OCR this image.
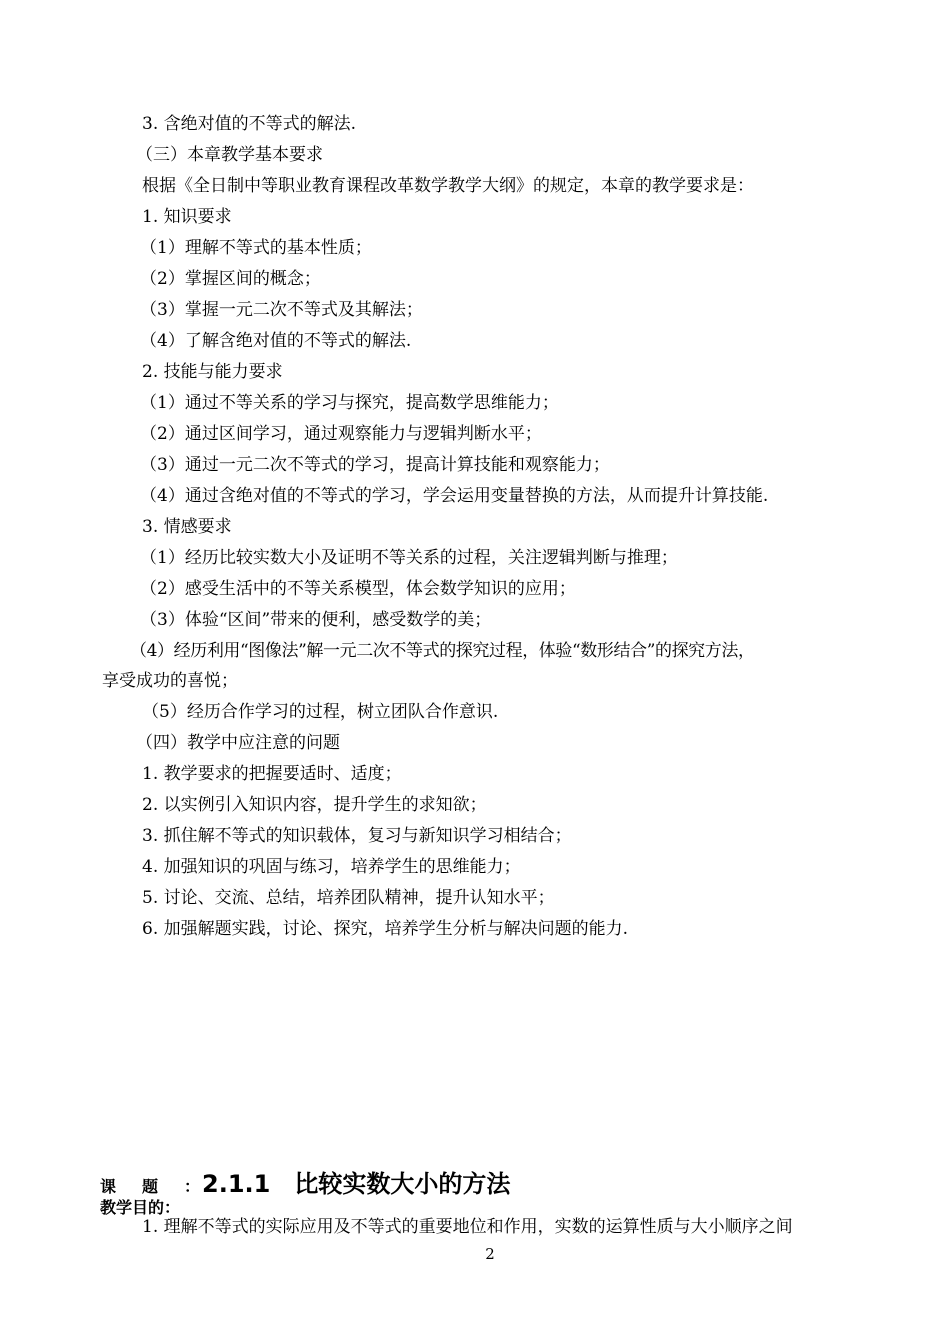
3. 含绝对值的不等式的解法.
（三）本章教学基本要求
根据《全日制中等职业教育课程改革数学教学大纲》的规定，本章的教学要求是：
1. 知识要求
（1）理解不等式的基本性质；
（2）掌握区间的概念；
（3）掌握一元二次不等式及其解法；
（4）了解含绝对值的不等式的解法.
2. 技能与能力要求
（1）通过不等关系的学习与探究，提高数学思维能力；
（2）通过区间学习，通过观察能力与逻辑判断水平；
（3）通过一元二次不等式的学习，提高计算技能和观察能力；
（4）通过含绝对值的不等式的学习，学会运用变量替换的方法，从而提升计算技能.
3. 情感要求
（1）经历比较实数大小及证明不等关系的过程，关注逻辑判断与推理；
（2）感受生活中的不等关系模型，体会数学知识的应用；
（3）体验“区间”带来的便利，感受数学的美；
（4）经历利用“图像法”解一元二次不等式的探究过程，体验“数形结合”的探究方法，
享受成功的喜悦；
（5）经历合作学习的过程，树立团队合作意识.
（四）教学中应注意的问题
1. 教学要求的把握要适时、适度；
2. 以实例引入知识内容，提升学生的求知欲；
3. 抓住解不等式的知识载体，复习与新知识学习相结合；
4. 加强知识的巩固与练习，培养学生的思维能力；
5. 讨论、交流、总结，培养团队精神，提升认知水平；
6. 加强解题实践，讨论、探究，培养学生分析与解决问题的能力.
课题：2.1.1　比较实数大小的方法
教学目的：
1. 理解不等式的实际应用及不等式的重要地位和作用，实数的运算性质与大小顺序之间
2
